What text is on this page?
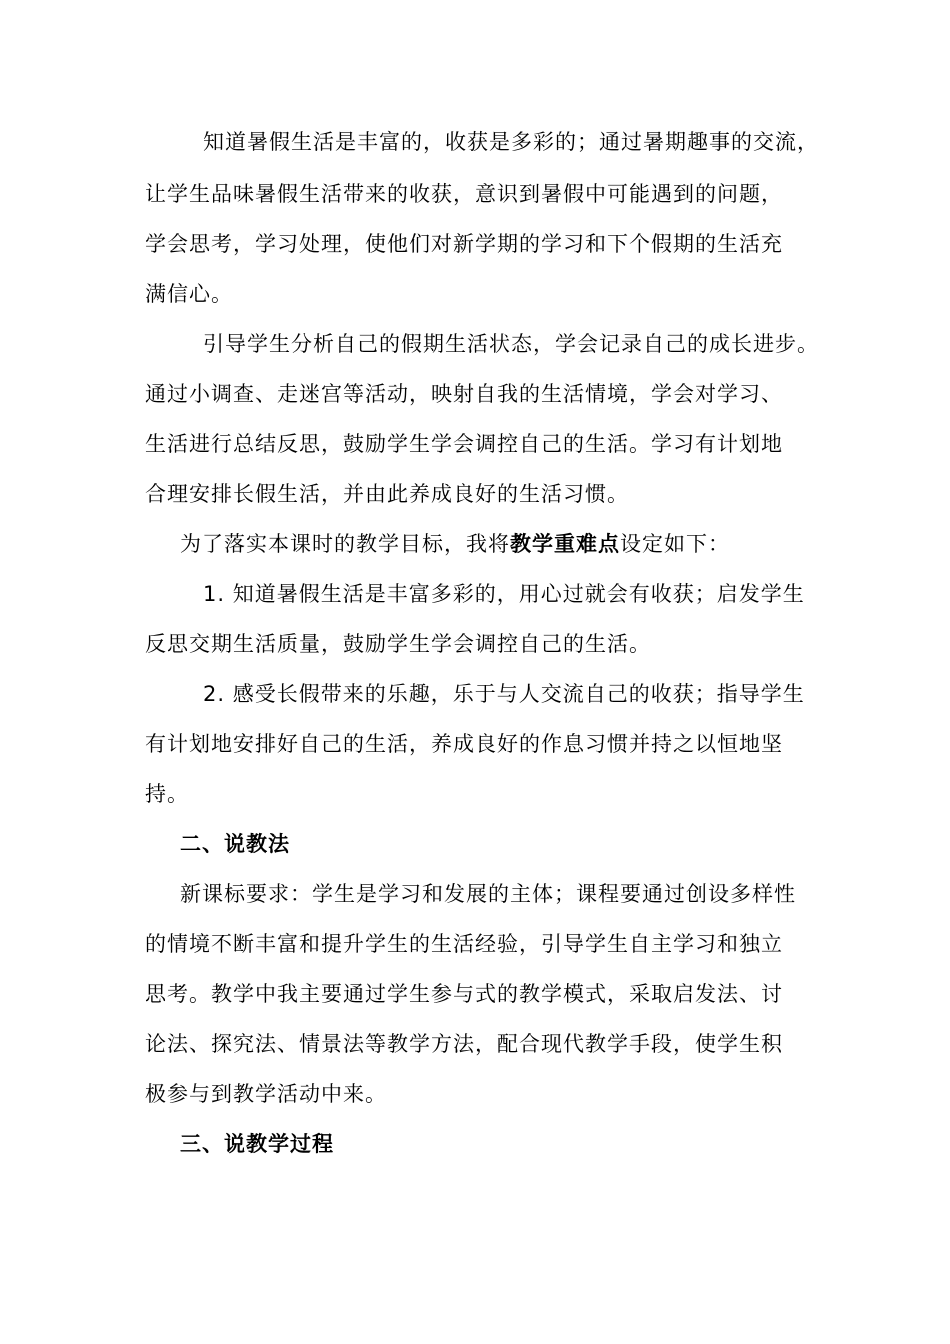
知道暑假生活是丰富的，收获是多彩的；通过暑期趣事的交流，
让学生品味暑假生活带来的收获，意识到暑假中可能遇到的问题，
学会思考，学习处理，使他们对新学期的学习和下个假期的生活充
满信心。
引导学生分析自己的假期生活状态，学会记录自己的成长进步。
通过小调查、走迷宫等活动，映射自我的生活情境，学会对学习、
生活进行总结反思，鼓励学生学会调控自己的生活。学习有计划地
合理安排长假生活，并由此养成良好的生活习惯。
为了落实本课时的教学目标，我将教学重难点设定如下：
1. 知道暑假生活是丰富多彩的，用心过就会有收获；启发学生
反思交期生活质量，鼓励学生学会调控自己的生活。
2. 感受长假带来的乐趣，乐于与人交流自己的收获；指导学生
有计划地安排好自己的生活，养成良好的作息习惯并持之以恒地坚
持。
二、说教法
新课标要求：学生是学习和发展的主体；课程要通过创设多样性
的情境不断丰富和提升学生的生活经验，引导学生自主学习和独立
思考。教学中我主要通过学生参与式的教学模式，采取启发法、讨
论法、探究法、情景法等教学方法，配合现代教学手段，使学生积
极参与到教学活动中来。
三、说教学过程
